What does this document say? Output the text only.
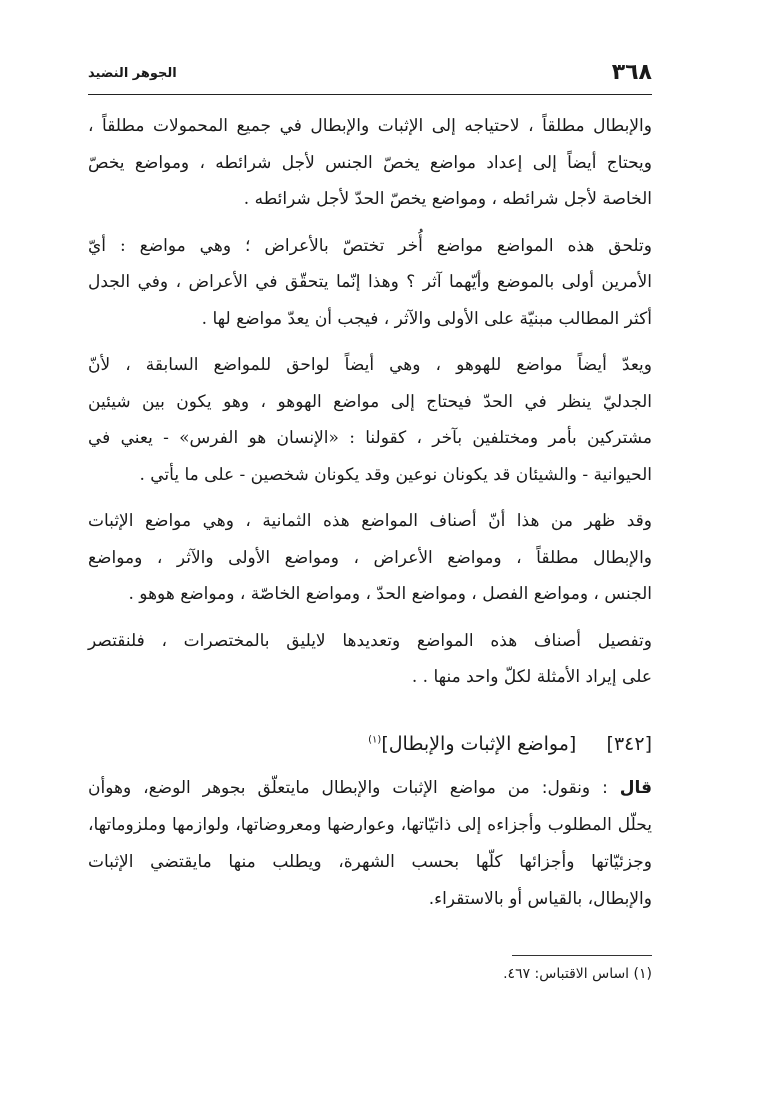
٣٦٨
الجوهر النضيد

والإبطال مطلقاً ، لاحتياجه إلى الإثبات والإبطال في جميع المحمولات مطلقاً ،
ويحتاج أيضاً إلى إعداد مواضع يخصّ الجنس لأجل شرائطه ، ومواضع يخصّ
الخاصة لأجل شرائطه ، ومواضع يخصّ الحدّ لأجل شرائطه .

وتلحق هذه المواضع مواضع أُخر تختصّ بالأعراض ؛ وهي مواضع : أيّ
الأمرين أولى بالموضع وأيّهما آثر ؟ وهذا إنّما يتحقّق في الأعراض ، وفي الجدل
أكثر المطالب مبنيّة على الأولى والآثر ، فيجب أن يعدّ مواضع لها .

ويعدّ أيضاً مواضع للهوهو ، وهي أيضاً لواحق للمواضع السابقة ، لأنّ
الجدليّ ينظر في الحدّ فيحتاج إلى مواضع الهوهو ، وهو يكون بين شيئين
مشتركين بأمر ومختلفين بآخر ، كقولنا : «الإنسان هو الفرس» - يعني في
الحيوانية - والشيئان قد يكونان نوعين وقد يكونان شخصين - على ما يأتي .

وقد ظهر من هذا أنّ أصناف المواضع هذه الثمانية ، وهي مواضع الإثبات
والإبطال مطلقاً ، ومواضع الأعراض ، ومواضع الأولى والآثر ، ومواضع
الجنس ، ومواضع الفصل ، ومواضع الحدّ ، ومواضع الخاصّة ، ومواضع هوهو .

وتفصيل أصناف هذه المواضع وتعديدها لايليق بالمختصرات ، فلنقتصر
على إيراد الأمثلة لكلّ واحد منها . .

[٣٤٢]     [مواضع الإثبات والإبطال]$^{(١)}$
قال : ونقول: من مواضع الإثبات والإبطال مايتعلّق بجوهر الوضع، وهوأن
يحلّل المطلوب وأجزاءه إلى ذاتيّاتها، وعوارضها ومعروضاتها، ولوازمها وملزوماتها،
وجزئيّاتها وأجزائها كلّها بحسب الشهرة، ويطلب منها مايقتضي الإثبات
والإبطال، بالقياس أو بالاستقراء.
(١) اساس الاقتباس: ٤٦٧.
